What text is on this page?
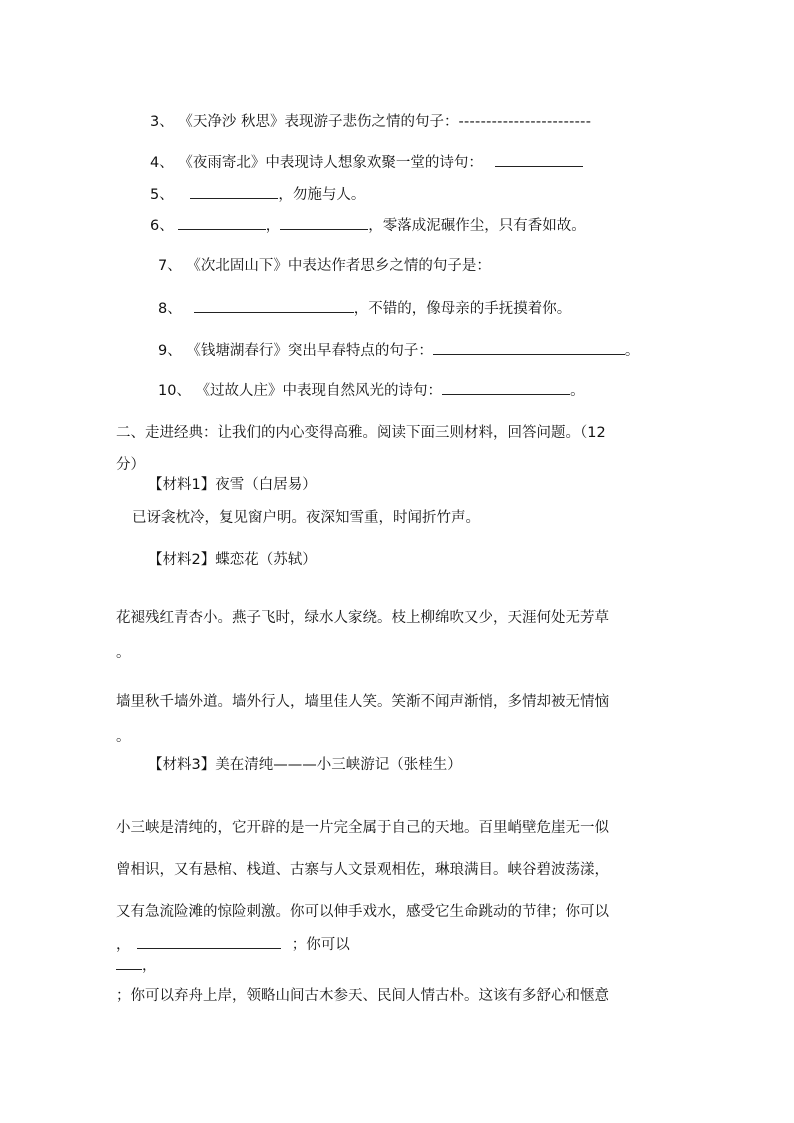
3、 《天净沙 秋思》表现游子悲伤之情的句子：------------------------
4、 《夜雨寄北》中表现诗人想象欢聚一堂的诗句：
5、	，勿施与人。
6、	，	，零落成泥碾作尘，只有香如故。
7、 《次北固山下》中表达作者思乡之情的句子是：
8、	，不错的，像母亲的手抚摸着你。
9、 《钱塘湖春行》突出早春特点的句子：	。
10、 《过故人庄》中表现自然风光的诗句：	。
二、走进经典：让我们的内心变得高雅。阅读下面三则材料，回答问题。（12
分）
【材料1】夜雪（白居易）
已讶衾枕冷，复见窗户明。夜深知雪重，时闻折竹声。
【材料2】蝶恋花（苏轼）
花褪残红青杏小。燕子飞时，绿水人家绕。枝上柳绵吹又少，天涯何处无芳草
。
墙里秋千墙外道。墙外行人，墙里佳人笑。笑渐不闻声渐悄，多情却被无情恼
。
【材料3】美在清纯———小三峡游记（张桂生）
小三峡是清纯的，它开辟的是一片完全属于自己的天地。百里峭壁危崖无一似
曾相识，又有悬棺、栈道、古寨与人文景观相佐，琳琅满目。峡谷碧波荡漾，
又有急流险滩的惊险刺激。你可以伸手戏水，感受它生命跳动的节律；你可以
，	；你可以
，
；你可以弃舟上岸，领略山间古木参天、民间人情古朴。这该有多舒心和惬意
